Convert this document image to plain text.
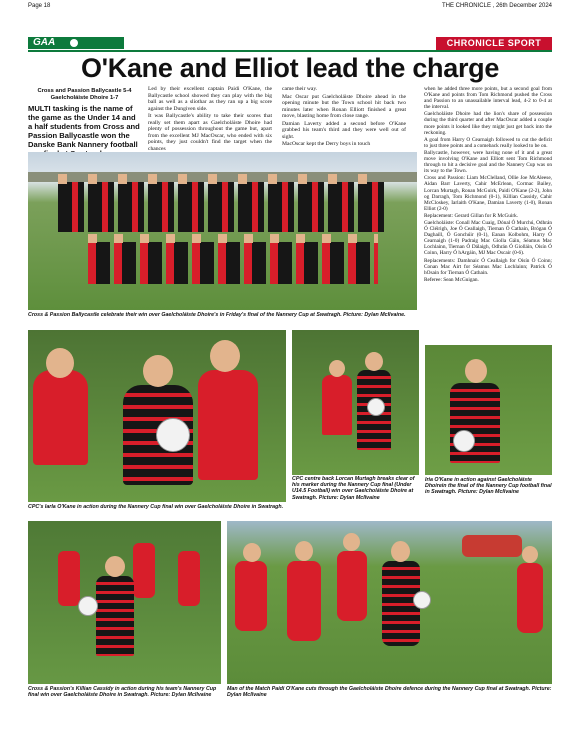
Page 18	THE CHRONICLE , 26th December 2024
GAA	CHRONICLE SPORT
O'Kane and Elliot lead the charge
Cross and Passion Ballycastle 5-4
Gaelcholáiste Dhoire 1-7
MULTI tasking is the name of the game as the Under 14 and a half students from Cross and Passion Ballycastle won the Danske Bank Nannery football

Led by their excellent captain Paidi O'Kane, the Ballycastle school showed they can play with the big ball as well as a sliothar as they ran up a big score against the Dungiven side.

It was Ballycastle's ability to take their scores that really set them apart as Gaelcholáiste Dhoire had plenty of possession throughout the game but, apart from the excellent MJ MacOscar, who ended with six points, they just couldn't find the target when the chances

came their way.

Mac Oscar put Gaelcholáiste Dhoire ahead in the opening minute but the Town school hit back two minutes later when Ronan Elliott finished a great move, blasting home from close range.

Damian Laverty added a second before O'Kane grabbed his team's third and they were well out of sight.

MacOscar kept the Derry boys in touch

when he added three more points, but a second goal from O'Kane and points from Tom Richmond pushed the Cross and Passion to an unassailable interval lead, 4-2 to 0-4 at the interval.

Gaelcholáiste Dhoire had the lion's share of possession during the third quarter and after MacOscar added a couple more points it looked like they might just get back into the reckoning.

A goal from Harry O Cearnaigh followed to cut the deficit to just three points and a comeback really looked to be on.

Ballycastle, however, were having none of it and a great move involving O'Kane and Elliott sent Tom Richmond through to hit a decisive goal and the Nannery Cup was on its way to the Town.

Cross and Passion: Liam McClelland, Ollie Joe McAleese, Aidan Barr Laverty, Cahir McErlean, Cormac Bailey, Lorcan Murtagh, Ronan McGuirk, Paidi O'Kane (2-2), John og Darragh, Tom Richmond (0-1), Killian Cassidy, Cahir McCloskey, Iarlaith O'Kane, Damian Laverty (1-0), Ronan Elliot (2-0)

Replacement: Gerard Gillan for R McGuirk.

Gaelcholáiste: Conall Mac Cuaig, Dónal Ó Murchú, Odhrán Ó Cléirigh, Joe Ó Ceallaigh, Tiernan Ó Cathain, Brógan Ó Daghaill, Ó Gonchúir (0-1), Eanan Kolbohm, Harry Ó Cearnaigh (1-0) Padraig Mac Giolla Gáin, Séamus Mac Lochlainn, Tiernan Ó Dálaigh, Odhrán Ó Giolláin, Oisín Ó Coinn, Harry Ó hArgáin, MJ Mac Oscair (0-6).

Replacements: Damhnaic Ó Ceallaigh for Oisín Ó Coinn; Conan Mac Airt for Séamus Mac Lochlainn; Patrick Ó hOsain for Tiernan Ó Cathain.

Referee: Sean McGuigan.

Cross & Passion Ballycastle celebrate their win over Gaelcholáiste Dhoire's in Friday's final of the Nannery Cup at Swatragh. Picture: Dylan McIlvaine.
CPC's Iarla O'Kane in action during the Nannery Cup final win over Gaelcholáiste Dhoire in Swatragh.
CPC centre back Lorcan Murtagh breaks clear of his marker during the Nannery Cup final (Under U14.5 Football) win over Gaelcholáiste Dhoire at Swatragh. Picture: Dylan McIlvaine
Iria O'Kane in action against Gaelcholáiste Dhoirein the final of the Nannery Cup football final in Swatragh. Picture: Dylan McIlvaine
Cross & Passion's Killian Cassidy in action during his team's Nannery Cup final win over Gaelcholáiste Dhoire in Swatragh. Picture: Dylan McIlvaine
Man of the Match Paidi O'Kane cuts through the Gaelcholáiste Dhoire defence during the Nannery Cup final at Swatragh. Picture: Dylan McIlvaine
